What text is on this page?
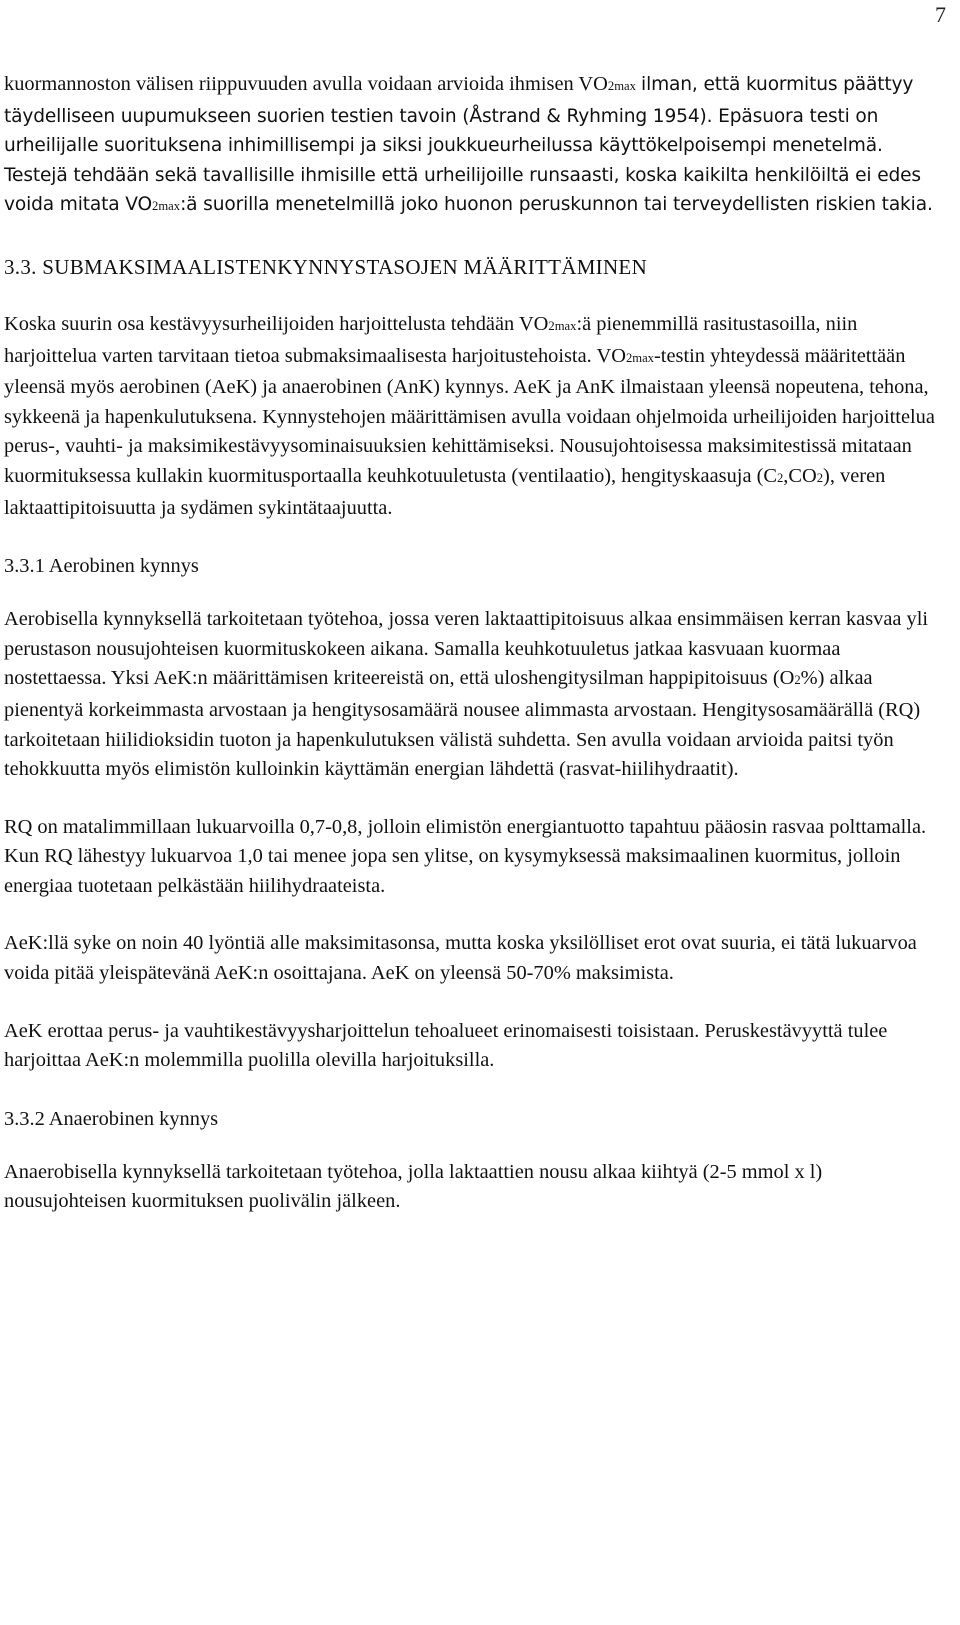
7

kuormannoston välisen riippuvuuden avulla voidaan arvioida ihmisen VO2max ilman, että kuormitus päättyy täydelliseen uupumukseen suorien testien tavoin (Åstrand & Ryhming 1954). Epäsuora testi on urheilijalle suorituksena inhimillisempi ja siksi joukkueurheilussa käyttökelpoisempi menetelmä. Testejä tehdään sekä tavallisille ihmisille että urheilijoille runsaasti, koska kaikilta henkilöiltä ei edes voida mitata VO2max:ä suorilla menetelmillä joko huonon peruskunnon tai terveydellisten riskien takia.

3.3. SUBMAKSIMAALISTENKYNNYSTASOJEN MÄÄRITTÄMINEN

Koska suurin osa kestävyysurheilijoiden harjoittelusta tehdään VO2max:ä pienemmillä rasitustasoilla, niin harjoittelua varten tarvitaan tietoa submaksimaalisesta harjoitustehoista. VO2max-testin yhteydessä määritettään yleensä myös aerobinen (AeK) ja anaerobinen (AnK) kynnys. AeK ja AnK ilmaistaan yleensä nopeutena, tehona, sykkeenä ja hapenkulutuksena. Kynnystehojen määrittämisen avulla voidaan ohjelmoida urheilijoiden harjoittelua perus-, vauhti- ja maksimikestävyysominaisuuksien kehittämiseksi. Nousujohtoisessa maksimitestissä mitataan kuormituksessa kullakin kuormitusportaalla keuhkotuuletusta (ventilaatio), hengityskaasuja (C2,CO2), veren laktaattipitoisuutta ja sydämen sykintätaajuutta.

3.3.1 Aerobinen kynnys

Aerobisella kynnyksellä tarkoitetaan työtehoa, jossa veren laktaattipitoisuus alkaa ensimmäisen kerran kasvaa yli perustason nousujohteisen kuormituskokeen aikana. Samalla keuhkotuuletus jatkaa kasvuaan kuormaa nostettaessa. Yksi AeK:n määrittämisen kriteereistä on, että uloshengitysilman happipitoisuus (O2%) alkaa pienentyä korkeimmasta arvostaan ja hengitysosamäärä nousee alimmasta arvostaan. Hengitysosamäärällä (RQ) tarkoitetaan hiilidioksidin tuoton ja hapenkulutuksen välistä suhdetta. Sen avulla voidaan arvioida paitsi työn tehokkuutta myös elimistön kulloinkin käyttämän energian lähdettä (rasvat-hiilihydraatit).

RQ on matalimmillaan lukuarvoilla 0,7-0,8, jolloin elimistön energiantuotto tapahtuu pääosin rasvaa polttamalla. Kun RQ lähestyy lukuarvoa 1,0 tai menee jopa sen ylitse, on kysymyksessä maksimaalinen kuormitus, jolloin energiaa tuotetaan pelkästään hiilihydraateista.

AeK:llä syke on noin 40 lyöntiä alle maksimitasonsa, mutta koska yksilölliset erot ovat suuria, ei tätä lukuarvoa voida pitää yleispätevänä AeK:n osoittajana. AeK on yleensä 50-70% maksimista.

AeK erottaa perus- ja vauhtikestävyysharjoittelun tehoalueet erinomaisesti toisistaan. Peruskestävyyttä tulee harjoittaa AeK:n molemmilla puolilla olevilla harjoituksilla.

3.3.2 Anaerobinen kynnys

Anaerobisella kynnyksellä tarkoitetaan työtehoa, jolla laktaattien nousu alkaa kiihtyä (2-5 mmol x l) nousujohteisen kuormituksen puolivälin jälkeen.
